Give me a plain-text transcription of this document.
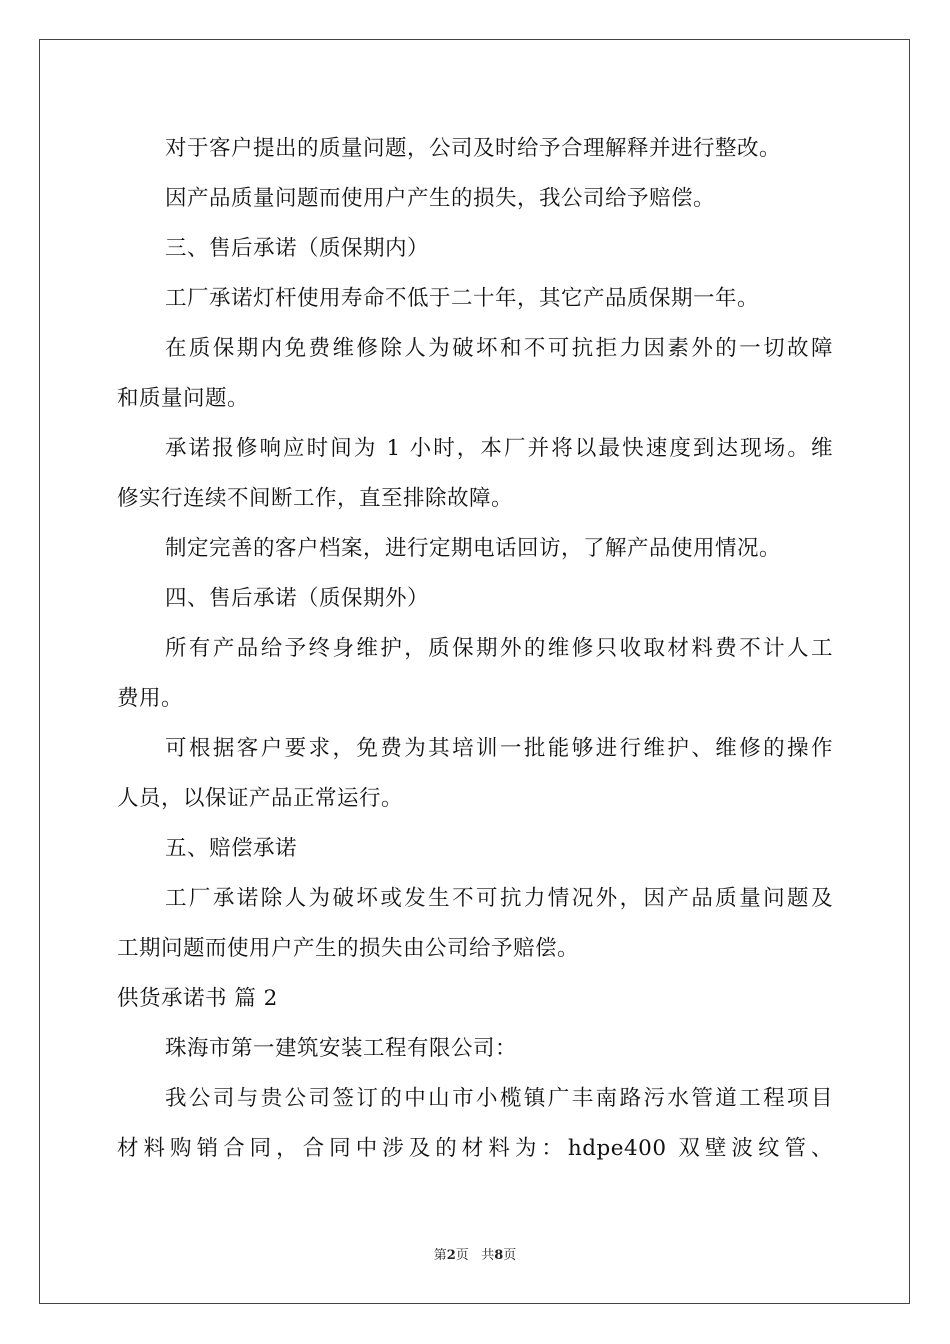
对于客户提出的质量问题，公司及时给予合理解释并进行整改。
因产品质量问题而使用户产生的损失，我公司给予赔偿。
三、售后承诺（质保期内）
工厂承诺灯杆使用寿命不低于二十年，其它产品质保期一年。
在质保期内免费维修除人为破坏和不可抗拒力因素外的一切故障
和质量问题。
承诺报修响应时间为 1 小时，本厂并将以最快速度到达现场。维
修实行连续不间断工作，直至排除故障。
制定完善的客户档案，进行定期电话回访，了解产品使用情况。
四、售后承诺（质保期外）
所有产品给予终身维护，质保期外的维修只收取材料费不计人工
费用。
可根据客户要求，免费为其培训一批能够进行维护、维修的操作
人员，以保证产品正常运行。
五、赔偿承诺
工厂承诺除人为破坏或发生不可抗力情况外，因产品质量问题及
工期问题而使用户产生的损失由公司给予赔偿。
供货承诺书 篇 2
珠海市第一建筑安装工程有限公司：
我公司与贵公司签订的中山市小榄镇广丰南路污水管道工程项目
材料购销合同，合同中涉及的材料为：hdpe400 双壁波纹管、
第2页 共8页
